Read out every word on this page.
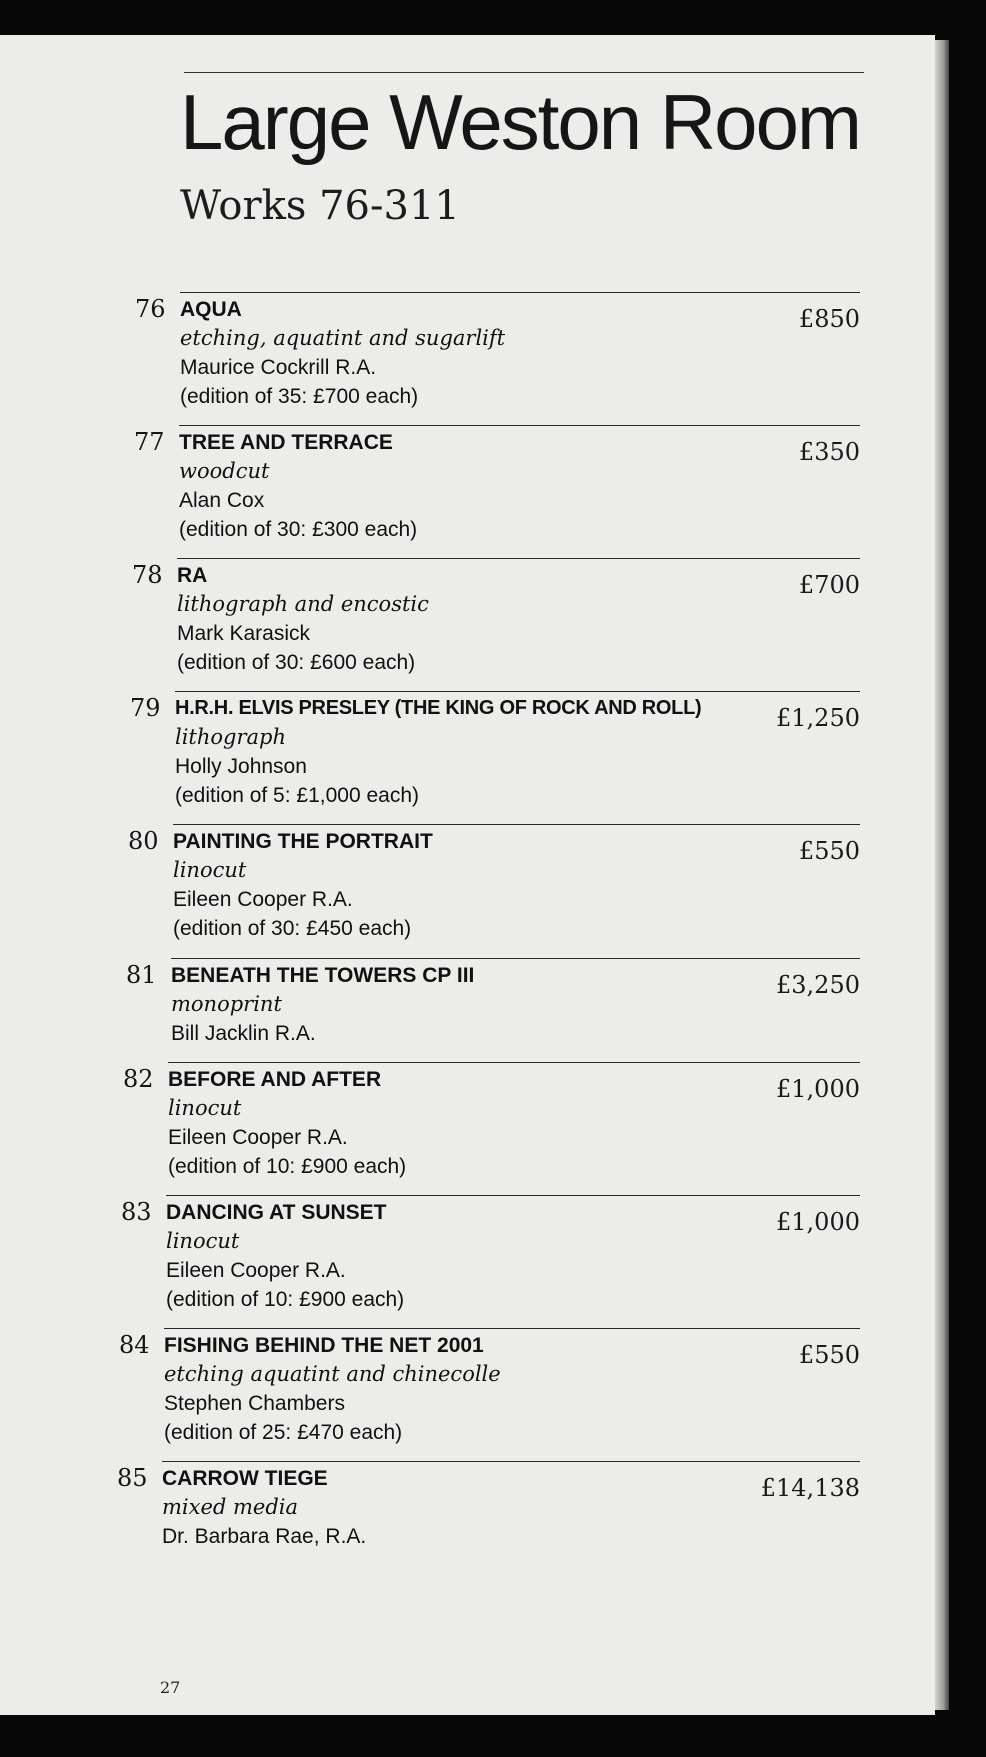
Large Weston Room
Works 76-311
76	£850
AQUA
etching, aquatint and sugarlift
Maurice Cockrill R.A.
(edition of 35: £700 each)
77	£350
TREE AND TERRACE
woodcut
Alan Cox
(edition of 30: £300 each)
78	£700
RA
lithograph and encostic
Mark Karasick
(edition of 30: £600 each)
79	£1,250
H.R.H. ELVIS PRESLEY (THE KING OF ROCK AND ROLL)
lithograph
Holly Johnson
(edition of 5: £1,000 each)
80	£550
PAINTING THE PORTRAIT
linocut
Eileen Cooper R.A.
(edition of 30: £450 each)
81	£3,250
BENEATH THE TOWERS CP III
monoprint
Bill Jacklin R.A.
82	£1,000
BEFORE AND AFTER
linocut
Eileen Cooper R.A.
(edition of 10: £900 each)
83	£1,000
DANCING AT SUNSET
linocut
Eileen Cooper R.A.
(edition of 10: £900 each)
84	£550
FISHING BEHIND THE NET 2001
etching aquatint and chinecolle
Stephen Chambers
(edition of 25: £470 each)
85	£14,138
CARROW TIEGE
mixed media
Dr. Barbara Rae, R.A.
27
